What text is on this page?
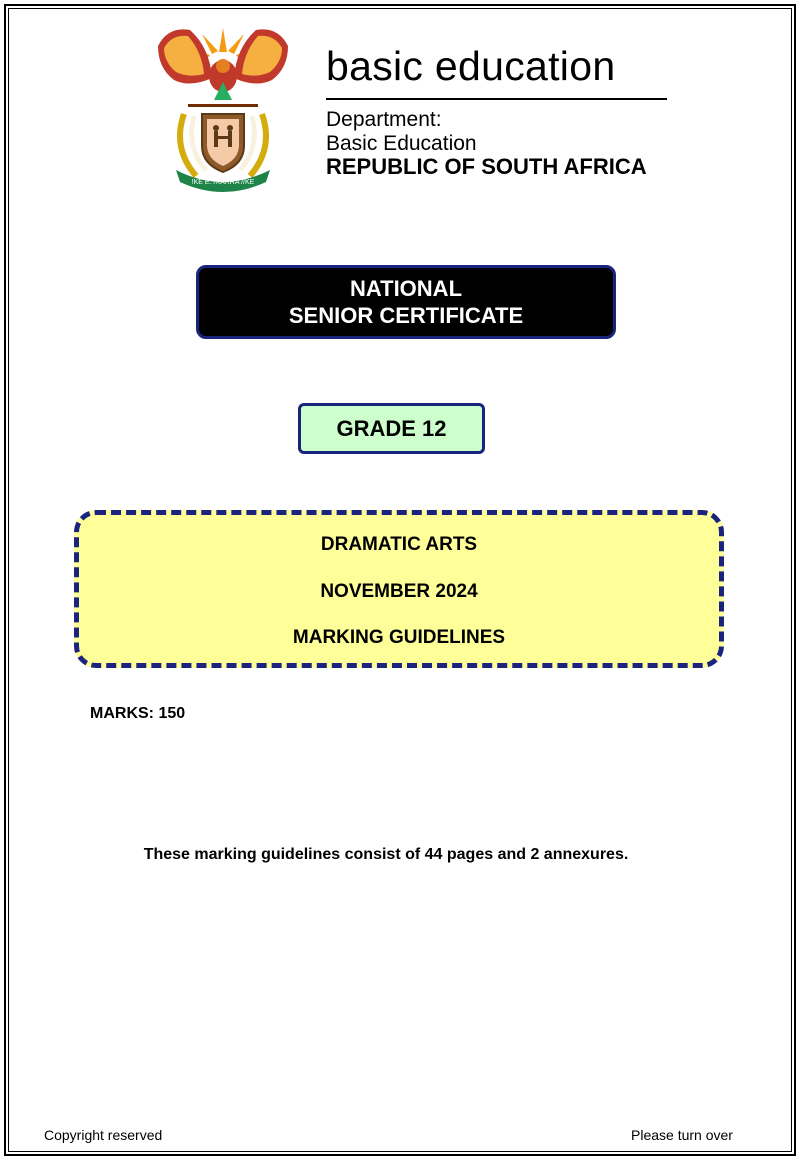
!KE E: /XARRA //KE
basic education
Department:
Basic Education
REPUBLIC OF SOUTH AFRICA
NATIONAL
SENIOR CERTIFICATE
GRADE 12
DRAMATIC ARTS
NOVEMBER 2024
MARKING GUIDELINES
MARKS: 150
These marking guidelines consist of 44 pages and 2 annexures.
Copyright reserved	Please turn over
